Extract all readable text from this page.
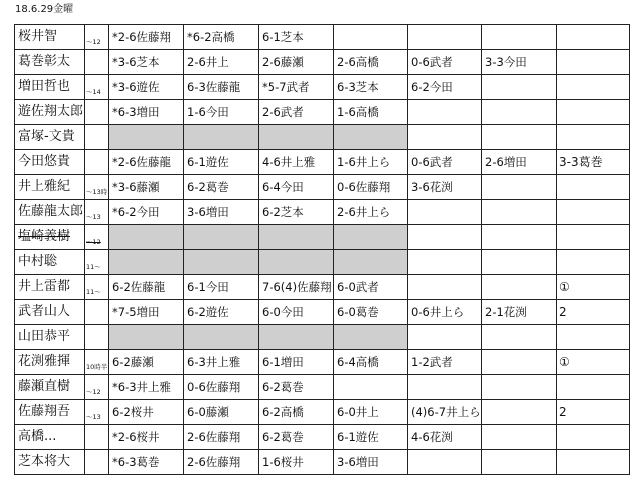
18.6.29金曜
桜井智	～12	*2-6佐藤翔	*6-2高橋	6-1芝本				
葛巻彰太		*3-6芝本	2-6井上	2-6藤瀬	2-6高橋	0-6武者	3-3今田	
増田哲也	～14	*3-6遊佐	6-3佐藤龍	*5-7武者	6-3芝本	6-2今田		
遊佐翔太郎		*6-3増田	1-6今田	2-6武者	1-6高橋			
富塚-文貴								
今田悠貴		*2-6佐藤龍	6-1遊佐	4-6井上雅	1-6井上ら	0-6武者	2-6増田	3-3葛巻
井上雅紀	～13時	*3-6藤瀬	6-2葛巻	6-4今田	0-6佐藤翔	3-6花渕		
佐藤龍太郎	～13	*6-2今田	3-6増田	6-2芝本	2-6井上ら			
塩崎義樹	～12							
中村聡	11～							
井上雷都	11～	6-2佐藤龍	6-1今田	7-6(4)佐藤翔	6-0武者			①
武者山人		*7-5増田	6-2遊佐	6-0今田	6-0葛巻	0-6井上ら	2-1花渕	2
山田恭平								
花渕雅揮	10時半	6-2藤瀬	6-3井上雅	6-1増田	6-4高橋	1-2武者		①
藤瀬直樹	～12	*6-3井上雅	0-6佐藤翔	6-2葛巻				
佐藤翔吾	～13	6-2桜井	6-0藤瀬	6-2高橋	6-0井上	(4)6-7井上ら		2
高橋...		*2-6桜井	2-6佐藤翔	6-2葛巻	6-1遊佐	4-6花渕		
芝本将大		*6-3葛巻	2-6佐藤翔	1-6桜井	3-6増田			
